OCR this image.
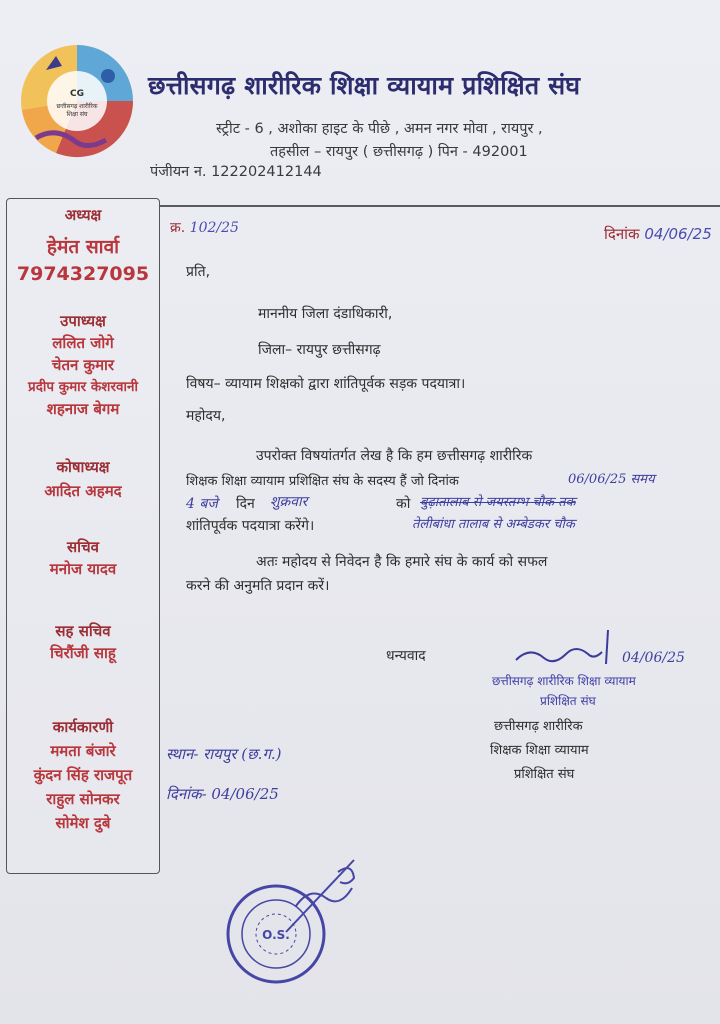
CG
छत्तीसगढ़ शारीरिक
शिक्षा संघ
छत्तीसगढ़ शारीरिक शिक्षा व्यायाम प्रशिक्षित संघ
स्ट्रीट - 6 , अशोका हाइट के पीछे , अमन नगर मोवा , रायपुर ,
तहसील – रायपुर ( छत्तीसगढ़ ) पिन - 492001
पंजीयन न. 122202412144
अध्यक्ष
हेमंत सार्वा
7974327095
उपाध्यक्ष
ललित जोगे
चेतन कुमार
प्रदीप कुमार केशरवानी
शहनाज बेगम
कोषाध्यक्ष
आदित अहमद
सचिव
मनोज यादव
सह सचिव
चिरौंजी साहू
कार्यकारणी
ममता बंजारे
कुंदन सिंह राजपूत
राहुल सोनकर
सोमेश दुबे
क्र. 102/25	दिनांक 04/06/25
प्रति,
माननीय जिला दंडाधिकारी,
जिला– रायपुर छत्तीसगढ़
विषय– व्यायाम शिक्षको द्वारा शांतिपूर्वक सड़क पदयात्रा।
महोदय,
उपरोक्त विषयांतर्गत लेख है कि हम छत्तीसगढ़ शारीरिक
शिक्षक शिक्षा व्यायाम प्रशिक्षित संघ के सदस्य हैं जो दिनांक	06/06/25 समय
4 बजे दिन शुक्रवार	को बुढ़ातालाब से जयस्तम्भ चौक तक
शांतिपूर्वक पदयात्रा करेंगे।	तेलीबांधा तालाब से अम्बेडकर चौक
अतः महोदय से निवेदन है कि हमारे संघ के कार्य को सफल
करने की अनुमति प्रदान करें।
धन्यवाद	04/06/25
छत्तीसगढ़ शारीरिक शिक्षा व्यायाम
प्रशिक्षित संघ
छत्तीसगढ़ शारीरिक
शिक्षक शिक्षा व्यायाम
प्रशिक्षित संघ
स्थान- रायपुर (छ.ग.)
दिनांक- 04/06/25
O.S.
